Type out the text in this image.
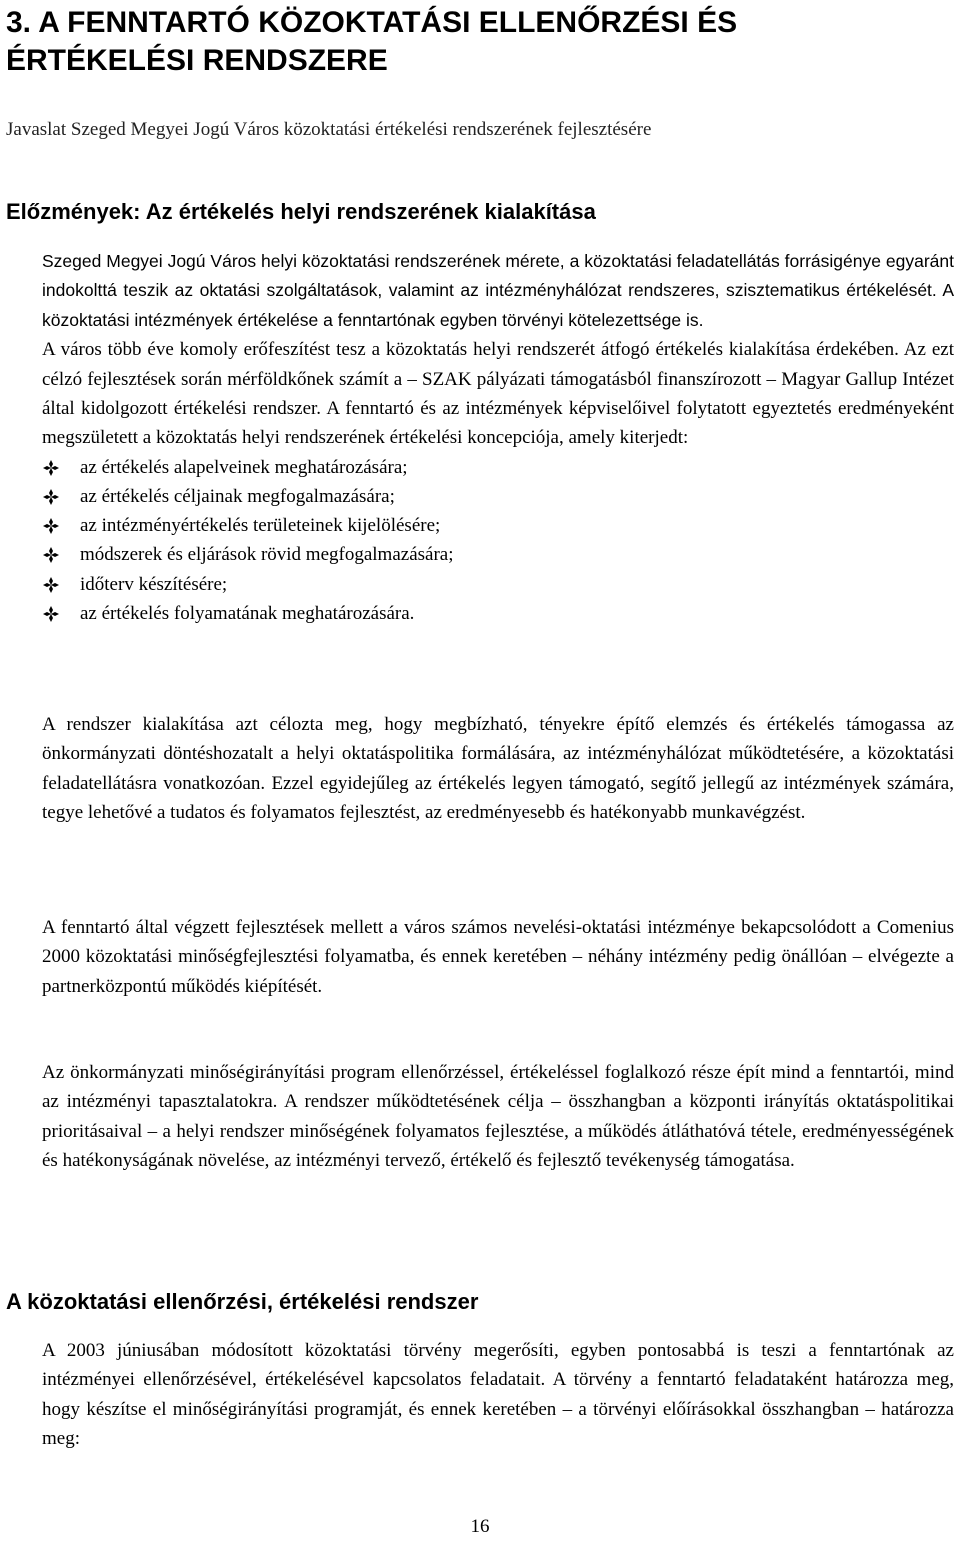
3. A FENNTARTÓ KÖZOKTATÁSI ELLENŐRZÉSI ÉS
ÉRTÉKELÉSI RENDSZERE
Javaslat Szeged Megyei Jogú Város közoktatási értékelési rendszerének fejlesztésére
Előzmények: Az értékelés helyi rendszerének kialakítása

Szeged Megyei Jogú Város helyi közoktatási rendszerének mérete, a közoktatási feladatellátás forrásigénye egyaránt indokolttá teszik az oktatási szolgáltatások, valamint az intézményhálózat rendszeres, szisztematikus értékelését. A közoktatási intézmények értékelése a fenntartónak egyben törvényi kötelezettsége is.

A város több éve komoly erőfeszítést tesz a közoktatás helyi rendszerét átfogó értékelés kialakítása érdekében. Az ezt célzó fejlesztések során mérföldkőnek számít a – SZAK pályázati támogatásból finanszírozott – Magyar Gallup Intézet által kidolgozott értékelési rendszer. A fenntartó és az intézmények képviselőivel folytatott egyeztetés eredményeként megszületett a közoktatás helyi rendszerének értékelési koncepciója, amely kiterjedt:

az értékelés alapelveinek meghatározására;
az értékelés céljainak megfogalmazására;
az intézményértékelés területeinek kijelölésére;
módszerek és eljárások rövid megfogalmazására;
időterv készítésére;
az értékelés folyamatának meghatározására.

A rendszer kialakítása azt célozta meg, hogy megbízható, tényekre építő elemzés és értékelés támogassa az önkormányzati döntéshozatalt a helyi oktatáspolitika formálására, az intézményhálózat működtetésére, a közoktatási feladatellátásra vonatkozóan. Ezzel egyidejűleg az értékelés legyen támogató, segítő jellegű az intézmények számára, tegye lehetővé a tudatos és folyamatos fejlesztést, az eredményesebb és hatékonyabb munkavégzést.

A fenntartó által végzett fejlesztések mellett a város számos nevelési-oktatási intézménye bekapcsolódott a Comenius 2000 közoktatási minőségfejlesztési folyamatba, és ennek keretében – néhány intézmény pedig önállóan – elvégezte a partnerközpontú működés kiépítését.

Az önkormányzati minőségirányítási program ellenőrzéssel, értékeléssel foglalkozó része épít mind a fenntartói, mind az intézményi tapasztalatokra. A rendszer működtetésének célja – összhangban a központi irányítás oktatáspolitikai prioritásaival – a helyi rendszer minőségének folyamatos fejlesztése, a működés átláthatóvá tétele, eredményességének és hatékonyságának növelése, az intézményi tervező, értékelő és fejlesztő tevékenység támogatása.

A közoktatási ellenőrzési, értékelési rendszer

A 2003 júniusában módosított közoktatási törvény megerősíti, egyben pontosabbá is teszi a fenntartónak az intézményei ellenőrzésével, értékelésével kapcsolatos feladatait. A törvény a fenntartó feladataként határozza meg, hogy készítse el minőségirányítási programját, és ennek keretében – a törvényi előírásokkal összhangban – határozza meg:

16
